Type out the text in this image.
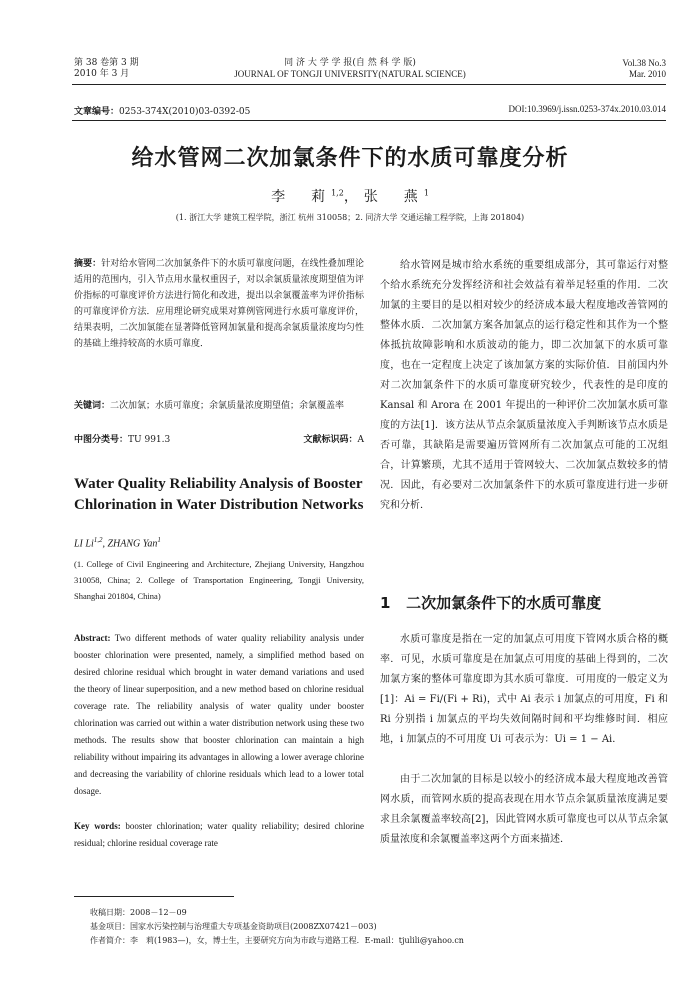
第 38 卷第 3 期
2010 年 3 月
同 济 大 学 学 报(自 然 科 学 版)
JOURNAL OF TONGJI UNIVERSITY(NATURAL SCIENCE)
Vol.38 No.3
Mar. 2010
文章编号：0253-374X(2010)03-0392-05	DOI:10.3969/j.issn.0253-374x.2010.03.014
给水管网二次加氯条件下的水质可靠度分析
李　莉$^{1,2}$，张　燕$^1$
(1. 浙江大学 建筑工程学院，浙江 杭州 310058；2. 同济大学 交通运输工程学院，上海 201804)
摘要：针对给水管网二次加氯条件下的水质可靠度问题，在线性叠加理论适用的范围内，引入节点用水量权重因子，对以余氯质量浓度期望值为评价指标的可靠度评价方法进行简化和改进，提出以余氯覆盖率为评价指标的可靠度评价方法．应用理论研究成果对算例管网进行水质可靠度评价，结果表明，二次加氯能在显著降低管网加氯量和提高余氯质量浓度均匀性的基础上维持较高的水质可靠度．
关键词：二次加氯；水质可靠度；余氯质量浓度期望值；余氯覆盖率
中图分类号：TU 991.3	文献标识码：A
Water Quality Reliability Analysis of Booster Chlorination in Water Distribution Networks
LI Li$^{1,2}$, ZHANG Yan$^1$
(1. College of Civil Engineering and Architecture, Zhejiang University, Hangzhou 310058, China; 2. College of Transportation Engineering, Tongji University, Shanghai 201804, China)
Abstract: Two different methods of water quality reliability analysis under booster chlorination were presented, namely, a simplified method based on desired chlorine residual which brought in water demand variations and used the theory of linear superposition, and a new method based on chlorine residual coverage rate. The reliability analysis of water quality under booster chlorination was carried out within a water distribution network using these two methods. The results show that booster chlorination can maintain a high reliability without impairing its advantages in allowing a lower average chlorine and decreasing the variability of chlorine residuals which lead to a lower total dosage.
Key words: booster chlorination; water quality reliability; desired chlorine residual; chlorine residual coverage rate
给水管网是城市给水系统的重要组成部分，其可靠运行对整个给水系统充分发挥经济和社会效益有着举足轻重的作用．二次加氯的主要目的是以相对较少的经济成本最大程度地改善管网的整体水质．二次加氯方案各加氯点的运行稳定性和其作为一个整体抵抗故障影响和水质波动的能力，即二次加氯下的水质可靠度，也在一定程度上决定了该加氯方案的实际价值．目前国内外对二次加氯条件下的水质可靠度研究较少，代表性的是印度的 Kansal 和 Arora 在 2001 年提出的一种评价二次加氯水质可靠度的方法[1]．该方法从节点余氯质量浓度入手判断该节点水质是否可靠，其缺陷是需要遍历管网所有二次加氯点可能的工况组合，计算繁琐，尤其不适用于管网较大、二次加氯点数较多的情况．因此，有必要对二次加氯条件下的水质可靠度进行进一步研究和分析．
1 二次加氯条件下的水质可靠度
水质可靠度是指在一定的加氯点可用度下管网水质合格的概率．可见，水质可靠度是在加氯点可用度的基础上得到的，二次加氯方案的整体可靠度即为其水质可靠度．可用度的一般定义为[1]：Ai = Fi/(Fi + Ri)，式中 Ai 表示 i 加氯点的可用度，Fi 和 Ri 分别指 i 加氯点的平均失效间隔时间和平均维修时间．相应地，i 加氯点的不可用度 Ui 可表示为：Ui = 1 − Ai．
由于二次加氯的目标是以较小的经济成本最大程度地改善管网水质，而管网水质的提高表现在用水节点余氯质量浓度满足要求且余氯覆盖率较高[2]，因此管网水质可靠度也可以从节点余氯质量浓度和余氯覆盖率这两个方面来描述．
收稿日期：2008－12－09
基金项目：国家水污染控制与治理重大专项基金资助项目(2008ZX07421－003)
作者简介：李　莉(1983—)，女，博士生，主要研究方向为市政与道路工程．E-mail：tjulili@yahoo.cn
